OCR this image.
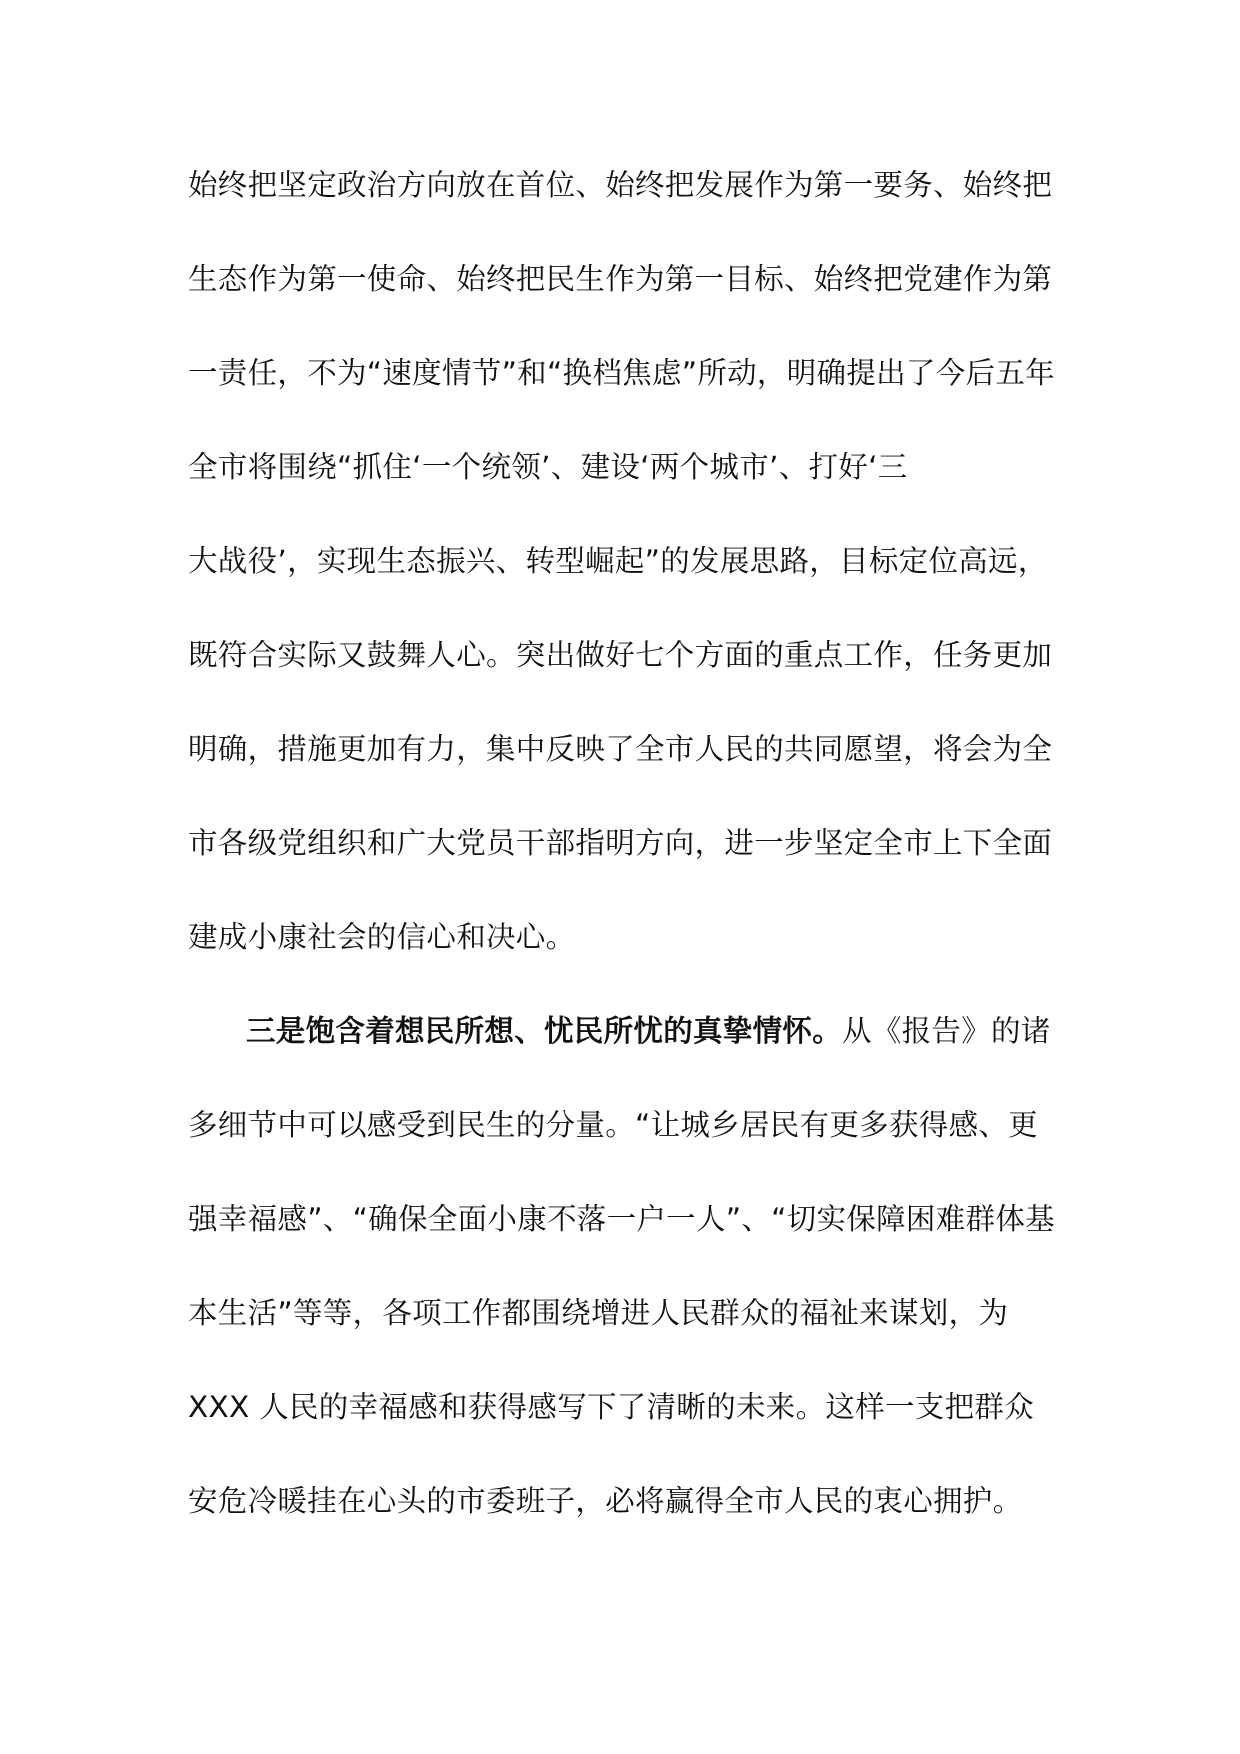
始终把坚定政治方向放在首位、始终把发展作为第一要务、始终把
生态作为第一使命、始终把民生作为第一目标、始终把党建作为第
一责任，不为“速度情节”和“换档焦虑”所动，明确提出了今后五年
全市将围绕“抓住‘一个统领’、建设‘两个城市’、打好‘三
大战役’，实现生态振兴、转型崛起”的发展思路，目标定位高远，
既符合实际又鼓舞人心。突出做好七个方面的重点工作，任务更加
明确，措施更加有力，集中反映了全市人民的共同愿望，将会为全
市各级党组织和广大党员干部指明方向，进一步坚定全市上下全面
建成小康社会的信心和决心。
三是饱含着想民所想、忧民所忧的真挚情怀。从《报告》的诸
多细节中可以感受到民生的分量。“让城乡居民有更多获得感、更
强幸福感”、“确保全面小康不落一户一人”、“切实保障困难群体基
本生活”等等，各项工作都围绕增进人民群众的福祉来谋划，为
XXX 人民的幸福感和获得感写下了清晰的未来。这样一支把群众
安危冷暖挂在心头的市委班子，必将赢得全市人民的衷心拥护。
